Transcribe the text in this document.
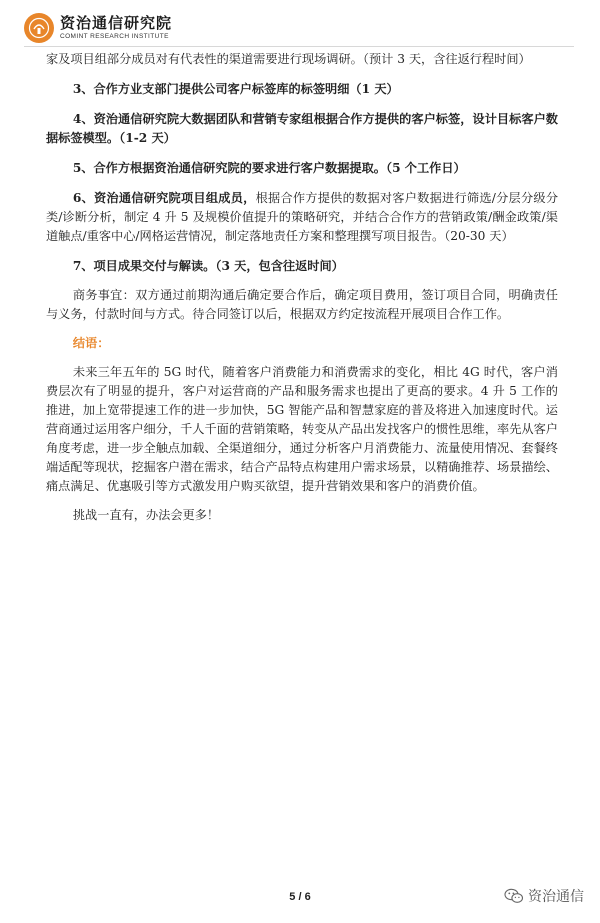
资治通信研究院
COMINT RESEARCH INSTITUTE

家及项目组部分成员对有代表性的渠道需要进行现场调研。（预计 3 天，含往返行程时间）

3、合作方业支部门提供公司客户标签库的标签明细（1 天）

4、资治通信研究院大数据团队和营销专家组根据合作方提供的客户标签，设计目标客户数据标签模型。（1-2 天）

5、合作方根据资治通信研究院的要求进行客户数据提取。（5 个工作日）

6、资治通信研究院项目组成员，根据合作方提供的数据对客户数据进行筛选/分层分级分类/诊断分析，制定 4 升 5 及规模价值提升的策略研究，并结合合作方的营销政策/酬金政策/渠道触点/重客中心/网格运营情况，制定落地责任方案和整理撰写项目报告。（20-30 天）

7、项目成果交付与解读。（3 天，包含往返时间）

商务事宜：双方通过前期沟通后确定要合作后，确定项目费用，签订项目合同，明确责任与义务，付款时间与方式。待合同签订以后，根据双方约定按流程开展项目合作工作。

结语：

未来三年五年的 5G 时代，随着客户消费能力和消费需求的变化，相比 4G 时代，客户消费层次有了明显的提升，客户对运营商的产品和服务需求也提出了更高的要求。4 升 5 工作的推进，加上宽带提速工作的进一步加快，5G 智能产品和智慧家庭的普及将进入加速度时代。运营商通过运用客户细分，千人千面的营销策略，转变从产品出发找客户的惯性思维，率先从客户角度考虑，进一步全触点加载、全渠道细分，通过分析客户月消费能力、流量使用情况、套餐终端适配等现状，挖掘客户潜在需求，结合产品特点构建用户需求场景，以精确推荐、场景描绘、痛点满足、优惠吸引等方式激发用户购买欲望，提升营销效果和客户的消费价值。

挑战一直有，办法会更多！

5 / 6	资治通信
